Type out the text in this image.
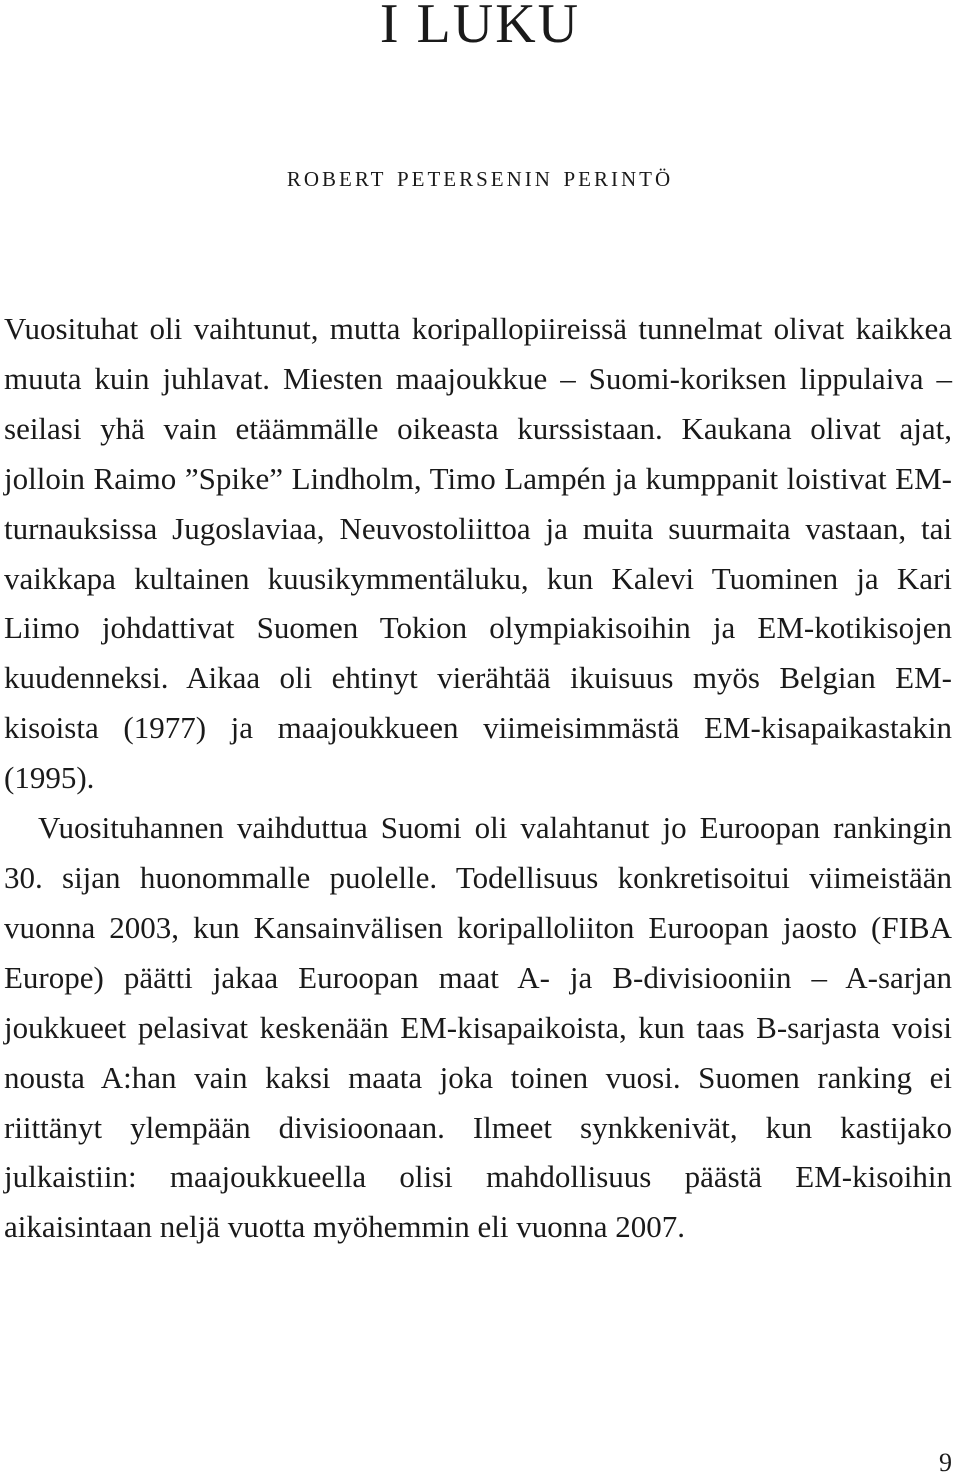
I LUKU
robert petersenin perintö

Vuosituhat oli vaihtunut, mutta koripallopiireissä tunnelmat olivat kaikkea muuta kuin juhlavat. Miesten maajoukkue – Suomi-koriksen lippulaiva – seilasi yhä vain etäämmälle oikeasta kurssistaan. Kaukana olivat ajat, jolloin Raimo ”Spike” Lindholm, Timo Lampén ja kumppanit loistivat EM-turnauksissa Jugoslaviaa, Neuvostoliittoa ja muita suurmaita vastaan, tai vaikkapa kultainen kuusikymmentäluku, kun Kalevi Tuominen ja Kari Liimo johdattivat Suomen Tokion olympiakisoihin ja EM-kotikisojen kuudenneksi. Aikaa oli ehtinyt vierähtää ikuisuus myös Belgian EM-kisoista (1977) ja maajoukkueen viimeisimmästä EM-kisapaikastakin (1995).

Vuosituhannen vaihduttua Suomi oli valahtanut jo Euroopan rankingin 30. sijan huonommalle puolelle. Todellisuus konkretisoitui viimeistään vuonna 2003, kun Kansainvälisen koripalloliiton Euroopan jaosto (FIBA Europe) päätti jakaa Euroopan maat A- ja B-divisiooniin – A-sarjan joukkueet pelasivat keskenään EM-kisapaikoista, kun taas B-sarjasta voisi nousta A:han vain kaksi maata joka toinen vuosi. Suomen ranking ei riittänyt ylempään divisioonaan. Ilmeet synkkenivät, kun kastijako julkaistiin: maajoukkueella olisi mahdollisuus päästä EM-kisoihin aikaisintaan neljä vuotta myöhemmin eli vuonna 2007.

9
